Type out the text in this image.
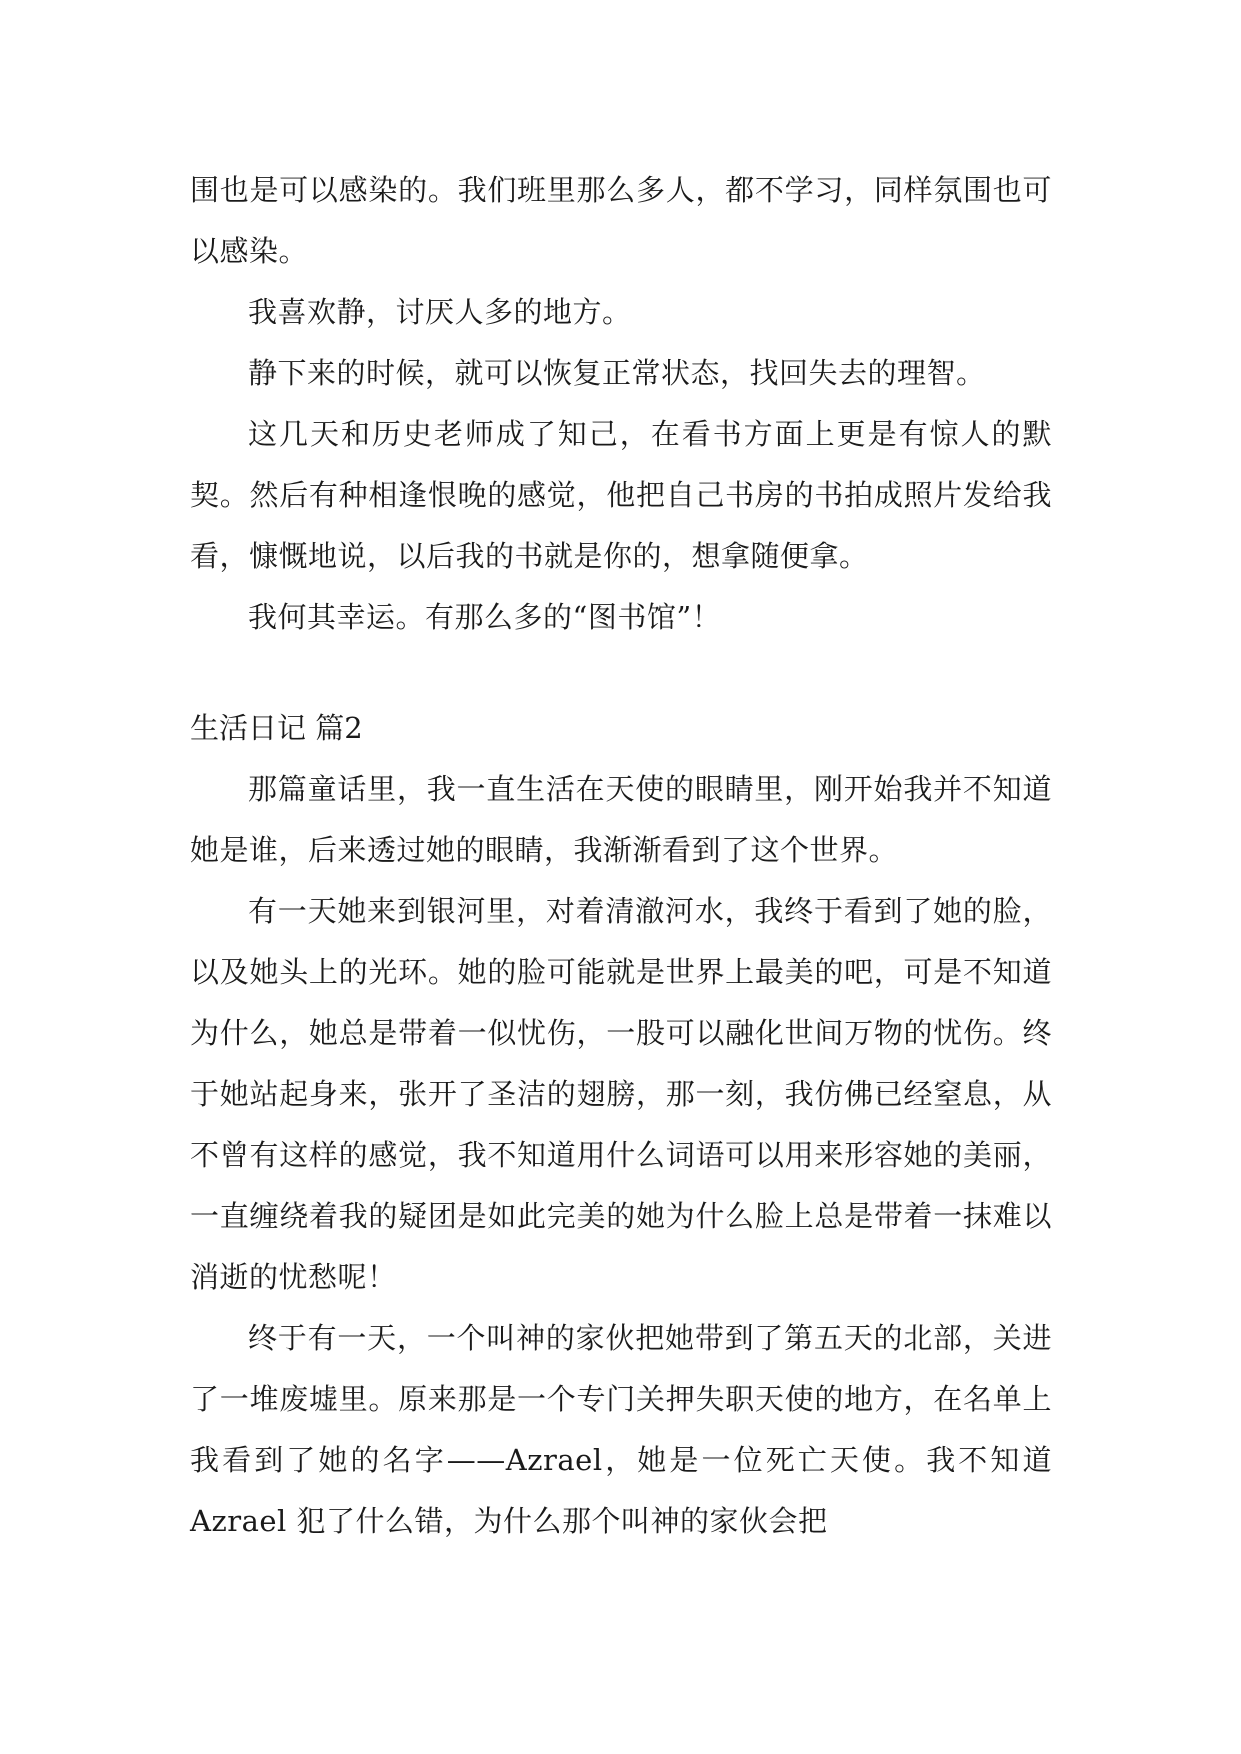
围也是可以感染的。我们班里那么多人，都不学习，同样氛围也可以感染。

我喜欢静，讨厌人多的地方。

静下来的时候，就可以恢复正常状态，找回失去的理智。

这几天和历史老师成了知己，在看书方面上更是有惊人的默契。然后有种相逢恨晚的感觉，他把自己书房的书拍成照片发给我看，慷慨地说，以后我的书就是你的，想拿随便拿。

我何其幸运。有那么多的“图书馆”！

生活日记 篇2

那篇童话里，我一直生活在天使的眼睛里，刚开始我并不知道她是谁，后来透过她的眼睛，我渐渐看到了这个世界。

有一天她来到银河里，对着清澈河水，我终于看到了她的脸，以及她头上的光环。她的脸可能就是世界上最美的吧，可是不知道为什么，她总是带着一似忧伤，一股可以融化世间万物的忧伤。终于她站起身来，张开了圣洁的翅膀，那一刻，我仿佛已经窒息，从不曾有这样的感觉，我不知道用什么词语可以用来形容她的美丽，一直缠绕着我的疑团是如此完美的她为什么脸上总是带着一抹难以消逝的忧愁呢！

终于有一天，一个叫神的家伙把她带到了第五天的北部，关进了一堆废墟里。原来那是一个专门关押失职天使的地方，在名单上我看到了她的名字——Azrael，她是一位死亡天使。我不知道 Azrael 犯了什么错，为什么那个叫神的家伙会把
